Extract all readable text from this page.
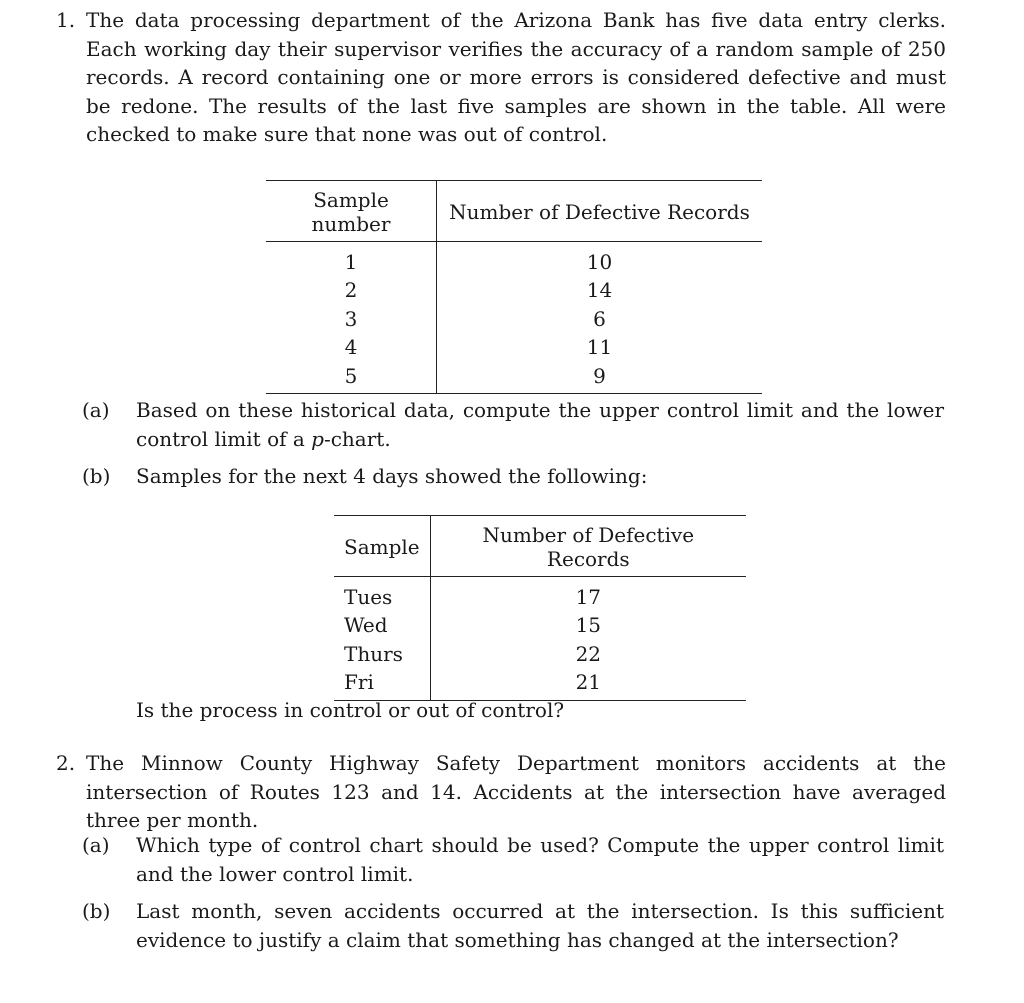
1. The data processing department of the Arizona Bank has five data entry clerks. Each working day their supervisor verifies the accuracy of a random sample of 250 records. A record containing one or more errors is considered defective and must be redone. The results of the last five samples are shown in the table. All were checked to make sure that none was out of control.
Sample number	Number of Defective Records
1	10
2	14
3	6
4	11
5	9
(a) Based on these historical data, compute the upper control limit and the lower control limit of a p-chart.
(b) Samples for the next 4 days showed the following:
Sample	Number of Defective Records
Tues	17
Wed	15
Thurs	22
Fri	21
Is the process in control or out of control?
2. The Minnow County Highway Safety Department monitors accidents at the intersection of Routes 123 and 14. Accidents at the intersection have averaged three per month.
(a) Which type of control chart should be used? Compute the upper control limit and the lower control limit.
(b) Last month, seven accidents occurred at the intersection. Is this sufficient evidence to justify a claim that something has changed at the intersection?
